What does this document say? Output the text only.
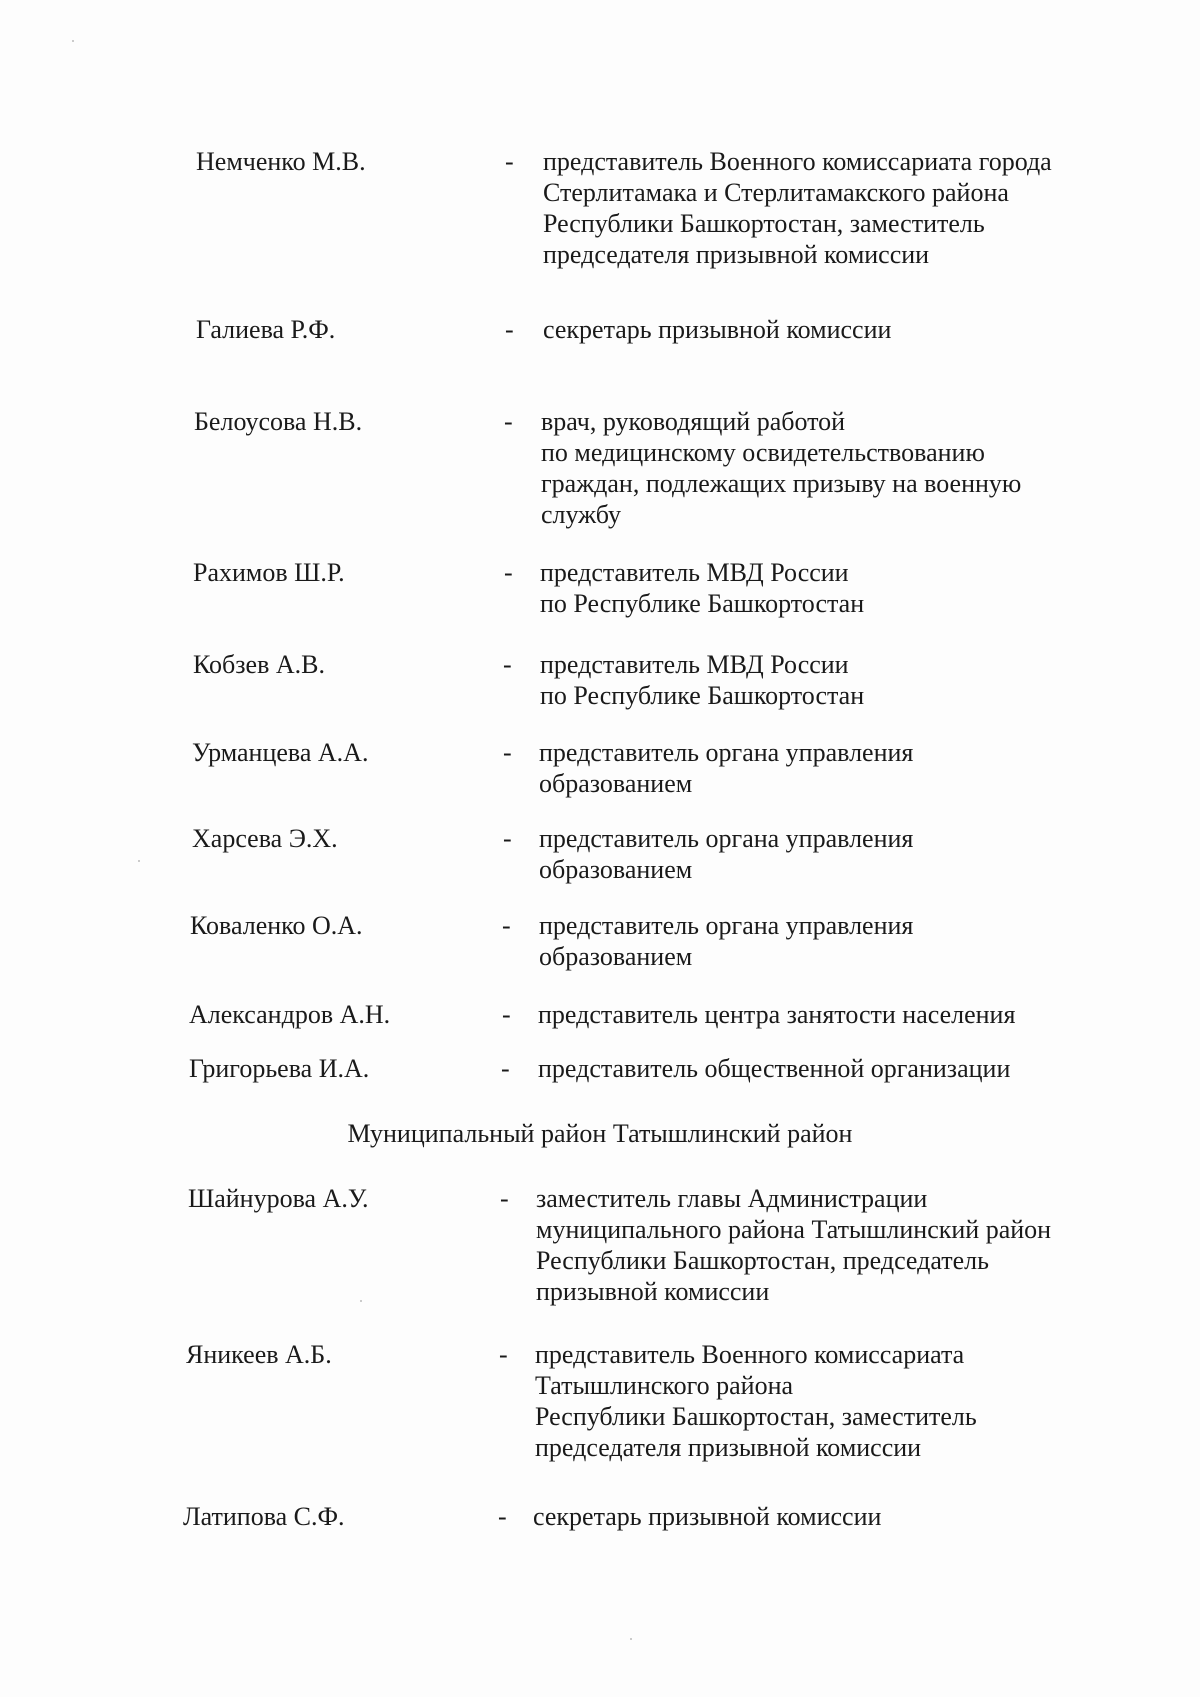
Немченко М.В.	- представитель Военного комиссариата города
Стерлитамака и Стерлитамакского района
Республики Башкортостан, заместитель
председателя призывной комиссии
Галиева Р.Ф.	- секретарь призывной комиссии
Белоусова Н.В.	- врач, руководящий работой
по медицинскому освидетельствованию
граждан, подлежащих призыву на военную
службу
Рахимов Ш.Р.	- представитель МВД России
по Республике Башкортостан
Кобзев А.В.	- представитель МВД России
по Республике Башкортостан
Урманцева А.А.	- представитель органа управления
образованием
Харсева Э.Х.	- представитель органа управления
образованием
Коваленко О.А.	- представитель органа управления
образованием
Александров А.Н.	- представитель центра занятости населения
Григорьева И.А.	- представитель общественной организации
Муниципальный район Татышлинский район
Шайнурова А.У.	- заместитель главы Администрации
муниципального района Татышлинский район
Республики Башкортостан, председатель
призывной комиссии
Яникеев А.Б.	- представитель Военного комиссариата
Татышлинского района
Республики Башкортостан, заместитель
председателя призывной комиссии
Латипова С.Ф.	- секретарь призывной комиссии
